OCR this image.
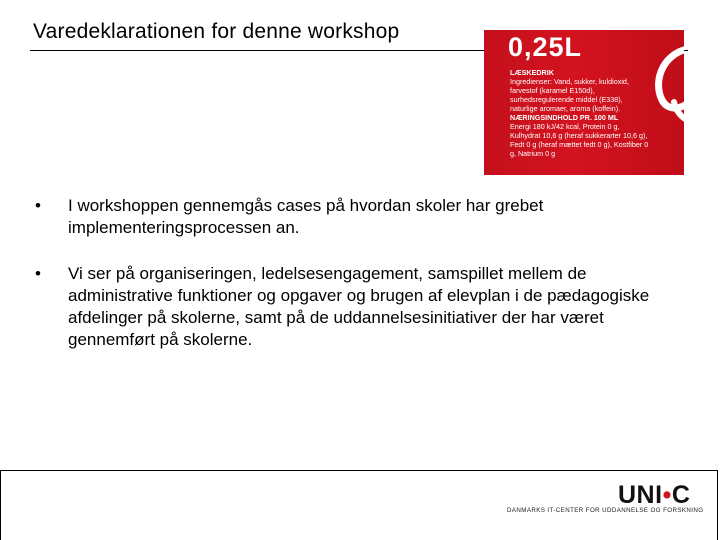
Varedeklarationen for denne workshop
0,25L
LÆSKEDRIK
Ingredienser: Vand, sukker, kuldioxid, farvestof (karamel E150d), surhedsregulerende middel (E338), naturlige aromaer, aroma (koffein).
NÆRINGSINDHOLD PR. 100 ML
Energi 180 kJ/42 kcal, Protein 0 g, Kulhydrat 10,6 g (heraf sukkerarter 10,6 g), Fedt 0 g (heraf mættet fedt 0 g), Kostfiber 0 g, Natrium 0 g
• I workshoppen gennemgås cases på hvordan skoler har grebet implementeringsprocessen an.
• Vi ser på organiseringen, ledelsesengagement, samspillet mellem de administrative funktioner og opgaver og brugen af elevplan i de pædagogiske afdelinger på skolerne, samt på de uddannelsesinitiativer der har været gennemført på skolerne.
UNI•C
DANMARKS IT-CENTER FOR UDDANNELSE OG FORSKNING
